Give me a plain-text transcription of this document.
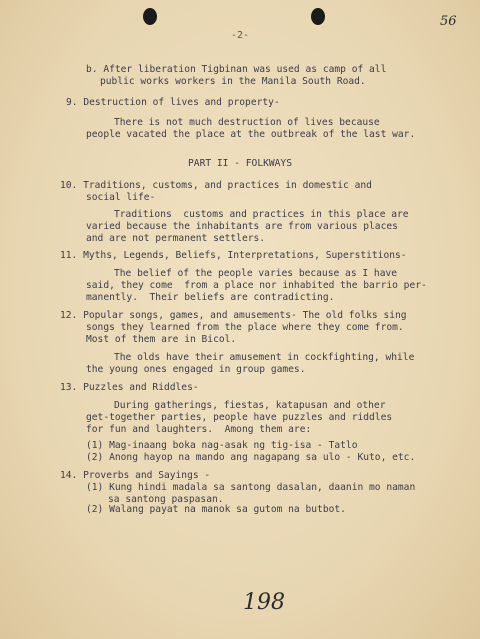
56
-2-
b. After liberation Tigbinan was used as camp of all
public works workers in the Manila South Road.
9. Destruction of lives and property-
There is not much destruction of lives because
people vacated the place at the outbreak of the last war.
PART II - FOLKWAYS
10. Traditions, customs, and practices in domestic and
social life-
Traditions  customs and practices in this place are
varied because the inhabitants are from various places
and are not permanent settlers.
11. Myths, Legends, Beliefs, Interpretations, Superstitions-
The belief of the people varies because as I have
said, they come  from a place nor inhabited the barrio per-
manently.  Their beliefs are contradicting.
12. Popular songs, games, and amusements- The old folks sing
songs they learned from the place where they come from.
Most of them are in Bicol.
The olds have their amusement in cockfighting, while
the young ones engaged in group games.
13. Puzzles and Riddles-
During gatherings, fiestas, katapusan and other
get-together parties, people have puzzles and riddles
for fun and laughters.  Among them are:
(1) Mag-inaang boka nag-asak ng tig-isa - Tatlo
(2) Anong hayop na mando ang nagapang sa ulo - Kuto, etc.
14. Proverbs and Sayings -
(1) Kung hindi madala sa santong dasalan, daanin mo naman
sa santong paspasan.
(2) Walang payat na manok sa gutom na butbot.
198
